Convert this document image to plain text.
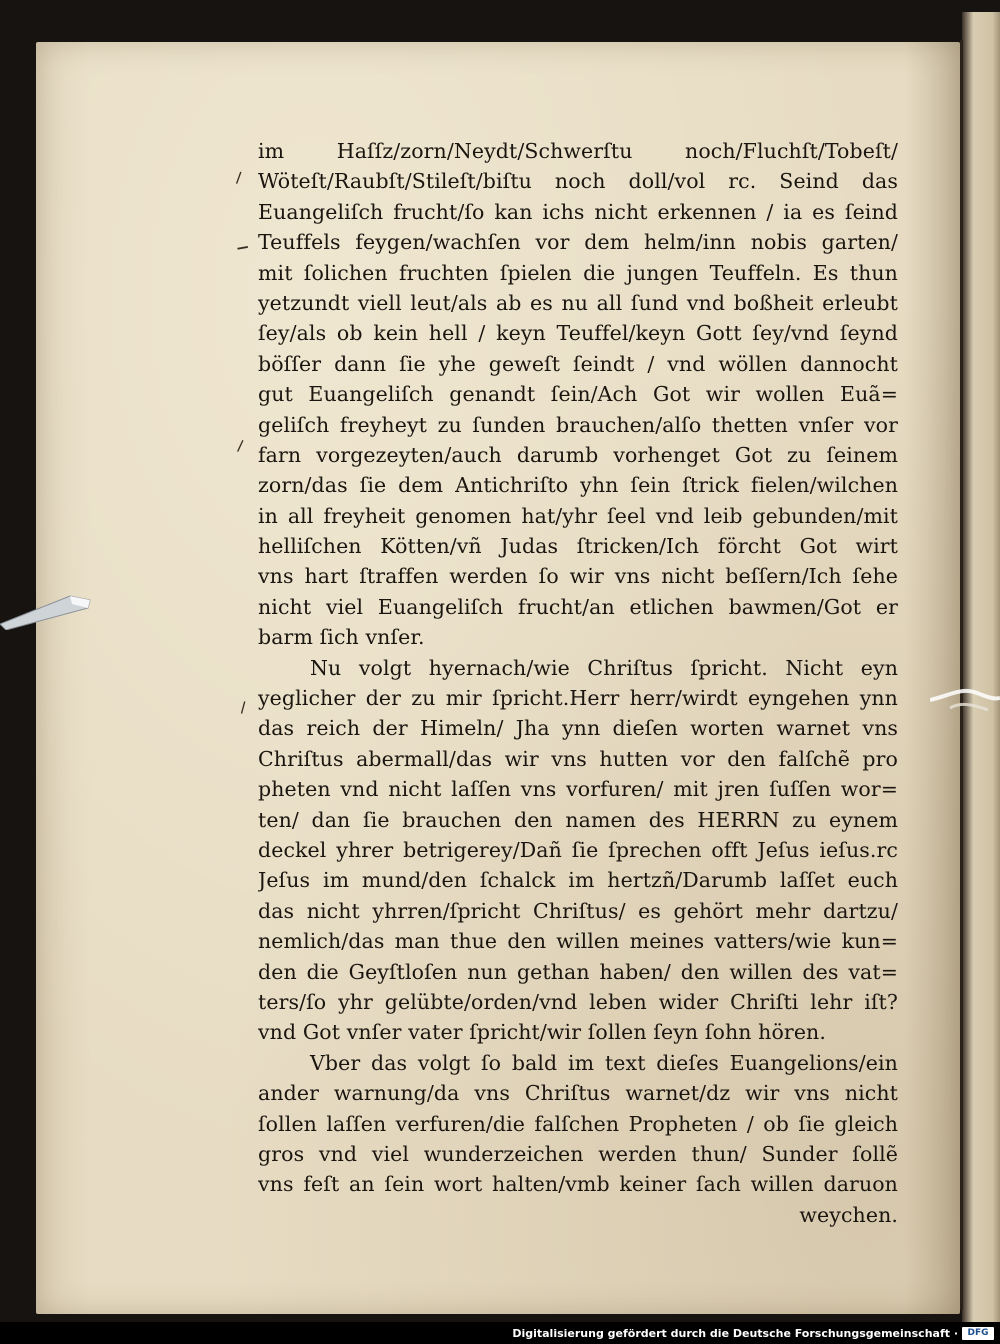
⸝
–
⸝
⸝
im Haſſz/zorn/Neydt/Schwerſtu noch/Fluchſt/Tobeſt/
Wöteſt/Raubſt/Stileſt/biſtu noch doll/vol rc. Seind das
Euangeliſch frucht/ſo kan ichs nicht erkennen / ia es ſeind
Teuffels feygen/wachſen vor dem helm/inn nobis garten/
mit ſolichen fruchten ſpielen die jungen Teuffeln. Es thun
yetzundt viell leut/als ab es nu all ſund vnd boßheit erleubt
ſey/als ob kein hell / keyn Teuffel/keyn Gott ſey/vnd ſeynd
böſſer dann ſie yhe geweſt ſeindt / vnd wöllen dannocht
gut Euangeliſch genandt ſein/Ach Got wir wollen Euã=
geliſch freyheyt zu ſunden brauchen/alſo thetten vnſer vor
farn vorgezeyten/auch darumb vorhenget Got zu ſeinem
zorn/das ſie dem Antichriſto yhn ſein ſtrick fielen/wilchen
in all freyheit genomen hat/yhr ſeel vnd leib gebunden/mit
helliſchen Kötten/vñ Judas ſtricken/Ich förcht Got wirt
vns hart ſtraffen werden ſo wir vns nicht beſſern/Ich ſehe
nicht viel Euangeliſch frucht/an etlichen bawmen/Got er
barm ſich vnſer.
Nu volgt hyernach/wie Chriſtus ſpricht. Nicht eyn
yeglicher der zu mir ſpricht.Herr herr/wirdt eyngehen ynn
das reich der Himeln/ Jha ynn dieſen worten warnet vns
Chriſtus abermall/das wir vns hutten vor den falſchẽ pro
pheten vnd nicht laſſen vns vorfuren/ mit jren ſuſſen wor=
ten/ dan ſie brauchen den namen des HERRN zu eynem
deckel yhrer betrigerey/Dañ ſie ſprechen offt Jeſus ieſus.rc
Jeſus im mund/den ſchalck im hertzñ/Darumb laſſet euch
das nicht yhrren/ſpricht Chriſtus/ es gehört mehr dartzu/
nemlich/das man thue den willen meines vatters/wie kun=
den die Geyſtloſen nun gethan haben/ den willen des vat=
ters/ſo yhr gelübte/orden/vnd leben wider Chriſti lehr iſt?
vnd Got vnſer vater ſpricht/wir ſollen ſeyn ſohn hören.
Vber das volgt ſo bald im text dieſes Euangelions/ein
ander warnung/da vns Chriſtus warnet/dz wir vns nicht
ſollen laſſen verfuren/die falſchen Propheten / ob ſie gleich
gros vnd viel wunderzeichen werden thun/ Sunder ſollẽ
vns feſt an ſein wort halten/vmb keiner ſach willen daruon
weychen.
Digitalisierung gefördert durch die Deutsche Forschungsgemeinschaft ·	DFG
